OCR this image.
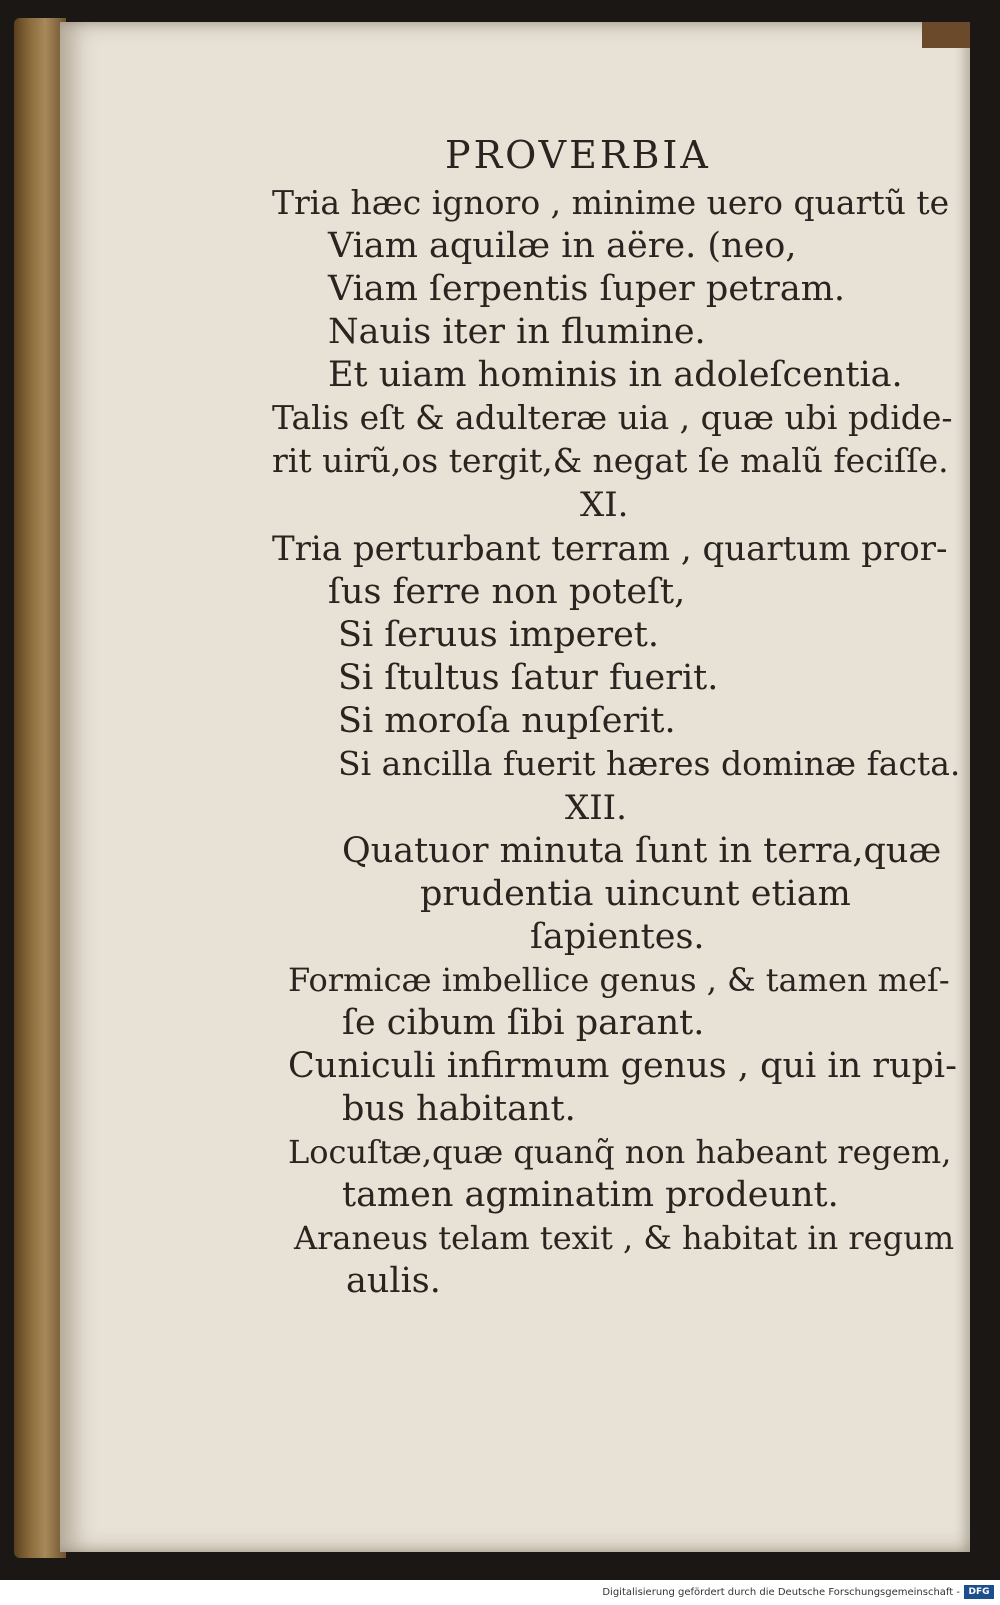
PROVERBIA
Tria hæc ignoro , minime uero quartũ te
Viam aquilæ in aëre. (neo,
Viam ſerpentis ſuper petram.
Nauis iter in flumine.
Et uiam hominis in adoleſcentia.
Talis eſt & adulteræ uia , quæ ubi pdide-
rit uirũ,os tergit,& negat ſe malũ feciſſe.
XI.
Tria perturbant terram , quartum pror-
ſus ferre non poteſt,
Si ſeruus imperet.
Si ſtultus ſatur fuerit.
Si moroſa nupſerit.
Si ancilla fuerit hæres dominæ facta.
XII.
Quatuor minuta ſunt in terra,quæ
prudentia uincunt etiam
ſapientes.
Formicæ imbellice genus , & tamen meſ-
ſe cibum ſibi parant.
Cuniculi infirmum genus , qui in rupi-
bus habitant.
Locuſtæ,quæ quanq̃ non habeant regem,
tamen agminatim prodeunt.
Araneus telam texit , & habitat in regum
aulis.
Digitalisierung gefördert durch die Deutsche Forschungsgemeinschaft - DFG
